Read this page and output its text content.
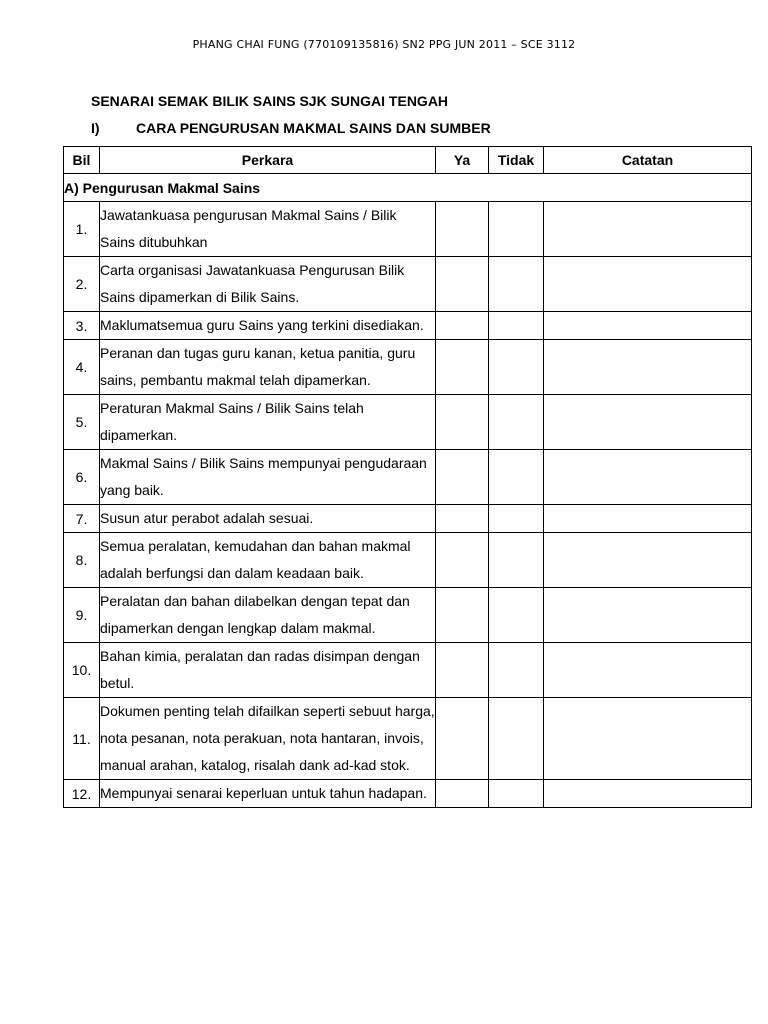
PHANG CHAI FUNG (770109135816) SN2 PPG JUN 2011 – SCE 3112
SENARAI SEMAK BILIK SAINS SJK SUNGAI TENGAH
I)	CARA PENGURUSAN MAKMAL SAINS DAN SUMBER
Bil	Perkara	Ya	Tidak	Catatan
A) Pengurusan Makmal Sains				
1.	Jawatankuasa pengurusan Makmal Sains / Bilik Sains ditubuhkan			
2.	Carta organisasi Jawatankuasa Pengurusan Bilik Sains dipamerkan di Bilik Sains.			
3.	Maklumatsemua guru Sains yang terkini disediakan.			
4.	Peranan dan tugas guru kanan, ketua panitia, guru sains, pembantu makmal telah dipamerkan.			
5.	Peraturan Makmal Sains / Bilik Sains telah dipamerkan.			
6.	Makmal Sains / Bilik Sains mempunyai pengudaraan yang baik.			
7.	Susun atur perabot adalah sesuai.			
8.	Semua peralatan, kemudahan dan bahan makmal adalah berfungsi dan dalam keadaan baik.			
9.	Peralatan dan bahan dilabelkan dengan tepat dan dipamerkan dengan lengkap dalam makmal.			
10.	Bahan kimia, peralatan dan radas disimpan dengan betul.			
11.	Dokumen penting telah difailkan seperti sebuut harga, nota pesanan, nota perakuan, nota hantaran, invois, manual arahan, katalog, risalah dank ad-kad stok.			
12.	Mempunyai senarai keperluan untuk tahun hadapan.			
